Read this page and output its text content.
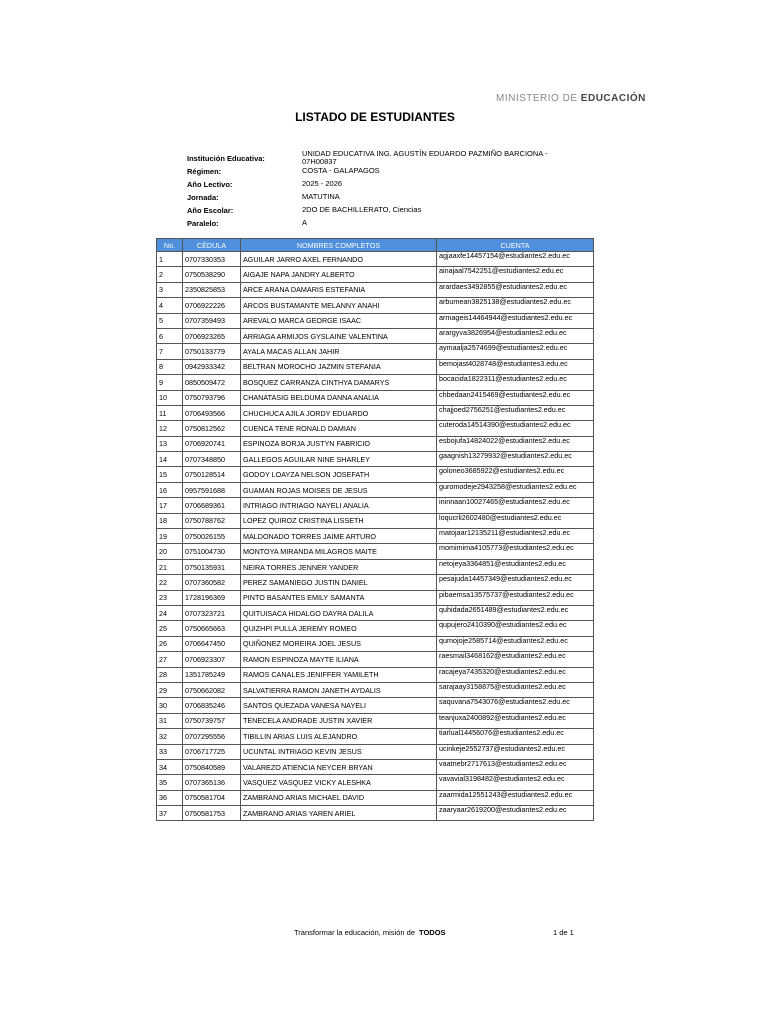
MINISTERIO DE EDUCACIÓN
LISTADO DE ESTUDIANTES
Institución Educativa:
UNIDAD EDUCATIVA ING. AGUSTÍN EDUARDO PAZMIÑO BARCIONA - 07H00837
Régimen:	COSTA - GALAPAGOS
Año Lectivo:	2025 - 2026
Jornada:	MATUTINA
Año Escolar:	2DO DE BACHILLERATO, Ciencias
Paralelo:	A
No.	CÉDULA	NOMBRES COMPLETOS	CUENTA
1	0707330353	AGUILAR JARRO AXEL FERNANDO	agjaaxfe14457154@estudiantes2.edu.ec
2	0750538290	AIGAJE NAPA JANDRY ALBERTO	ainajaal7542251@estudiantes2.edu.ec
3	2350825853	ARCE ARANA DAMARIS ESTEFANIA	arardaes3492855@estudiantes2.edu.ec
4	0706922226	ARCOS BUSTAMANTE MELANNY ANAHI	arbumean3825138@estudiantes2.edu.ec
5	0707359493	AREVALO MARCA GEORGE ISAAC	armageis14464944@estudiantes2.edu.ec
6	0706923265	ARRIAGA ARMIJOS GYSLAINE VALENTINA	arargyva3826954@estudiantes2.edu.ec
7	0750133779	AYALA MACAS ALLAN JAHIR	aymaalja2574699@estudiantes2.edu.ec
8	0942933342	BELTRAN MOROCHO JAZMIN STEFANIA	bemojast4028748@estudiantes3.edu.ec
9	0850509472	BOSQUEZ CARRANZA CINTHYA DAMARYS	bocacida1822311@estudiantes2.edu.ec
10	0750793796	CHANATASIG BELDUMA DANNA ANALIA	chbedaan2415469@estudiantes2.edu.ec
11	0706493566	CHUCHUCA AJILA JORDY EDUARDO	chajjoed2756251@estudiantes2.edu.ec
12	0750812562	CUENCA TENE RONALD DAMIAN	cuteroda14514390@estudiantes2.edu.ec
13	0706920741	ESPINOZA BORJA JUSTYN FABRICIO	esbojufa14824022@estudiantes2.edu.ec
14	0707348850	GALLEGOS AGUILAR NINE SHARLEY	gaagnish13279932@estudiantes2.edu.ec
15	0750128514	GODOY LOAYZA NELSON JOSEFATH	goloneo3685922@estudiantes2.edu.ec
16	0957591688	GUAMAN ROJAS MOISES DE JESUS	guromodeje2943258@estudiantes2.edu.ec
17	0706689361	INTRIAGO INTRIAGO NAYELI ANALIA	ininnaan10027465@estudiantes2.edu.ec
18	0750788762	LOPEZ QUIROZ CRISTINA LISSETH	loqucrli2602480@estudiantes2.edu.ec
19	0750026155	MALDONADO TORRES JAIME ARTURO	matojaar12135211@estudiantes2.edu.ec
20	0751004730	MONTOYA MIRANDA MILAGROS MAITE	momimima4105773@estudiantes2.edu.ec
21	0750135931	NEIRA TORRES JENNER YANDER	netojeya3364851@estudiantes2.edu.ec
22	0707360582	PEREZ SAMANIEGO JUSTIN DANIEL	pesajuda14457349@estudiantes2.edu.ec
23	1728196369	PINTO BASANTES EMILY SAMANTA	pibaemsa13575737@estudiantes2.edu.ec
24	0707323721	QUITUISACA HIDALGO DAYRA DALILA	quhidada2651489@estudiantes2.edu.ec
25	0750665663	QUIZHPI PULLA JEREMY ROMEO	qupujero2410390@estudiantes2.edu.ec
26	0706647450	QUIÑONEZ MOREIRA JOEL JESUS	qumojoje2585714@estudiantes2.edu.ec
27	0706923307	RAMON ESPINOZA MAYTE ILIANA	raesmail3468162@estudiantes2.edu.ec
28	1351785249	RAMOS CANALES JENIFFER YAMILETH	racajeya7435320@estudiantes2.edu.ec
29	0750662082	SALVATIERRA RAMON JANETH AYDALIS	sarajaay3158875@estudiantes2.edu.ec
30	0706835246	SANTOS QUEZADA VANESA NAYELI	saquvana7543076@estudiantes2.edu.ec
31	0750739757	TENECELA ANDRADE JUSTIN XAVIER	teanjuxa2400892@estudiantes2.edu.ec
32	0707295556	TIBILLIN ARIAS LUIS ALEJANDRO	tiarlual14456076@estudiantes2.edu.ec
33	0706717725	UCUNTAL INTRIAGO KEVIN JESUS	ucinkeje2552737@estudiantes2.edu.ec
34	0750840589	VALAREZO ATIENCIA NEYCER BRYAN	vaatnebr2717613@estudiantes2.edu.ec
35	0707365136	VASQUEZ VASQUEZ VICKY ALESHKA	vavavial3198482@estudiantes2.edu.ec
36	0750581704	ZAMBRANO ARIAS MICHAEL DAVID	zaarmida12551243@estudiantes2.edu.ec
37	0750581753	ZAMBRANO ARIAS YAREN ARIEL	zaaryaar2619200@estudiantes2.edu.ec
Transformar la educación, misión de TODOS	1 de 1
